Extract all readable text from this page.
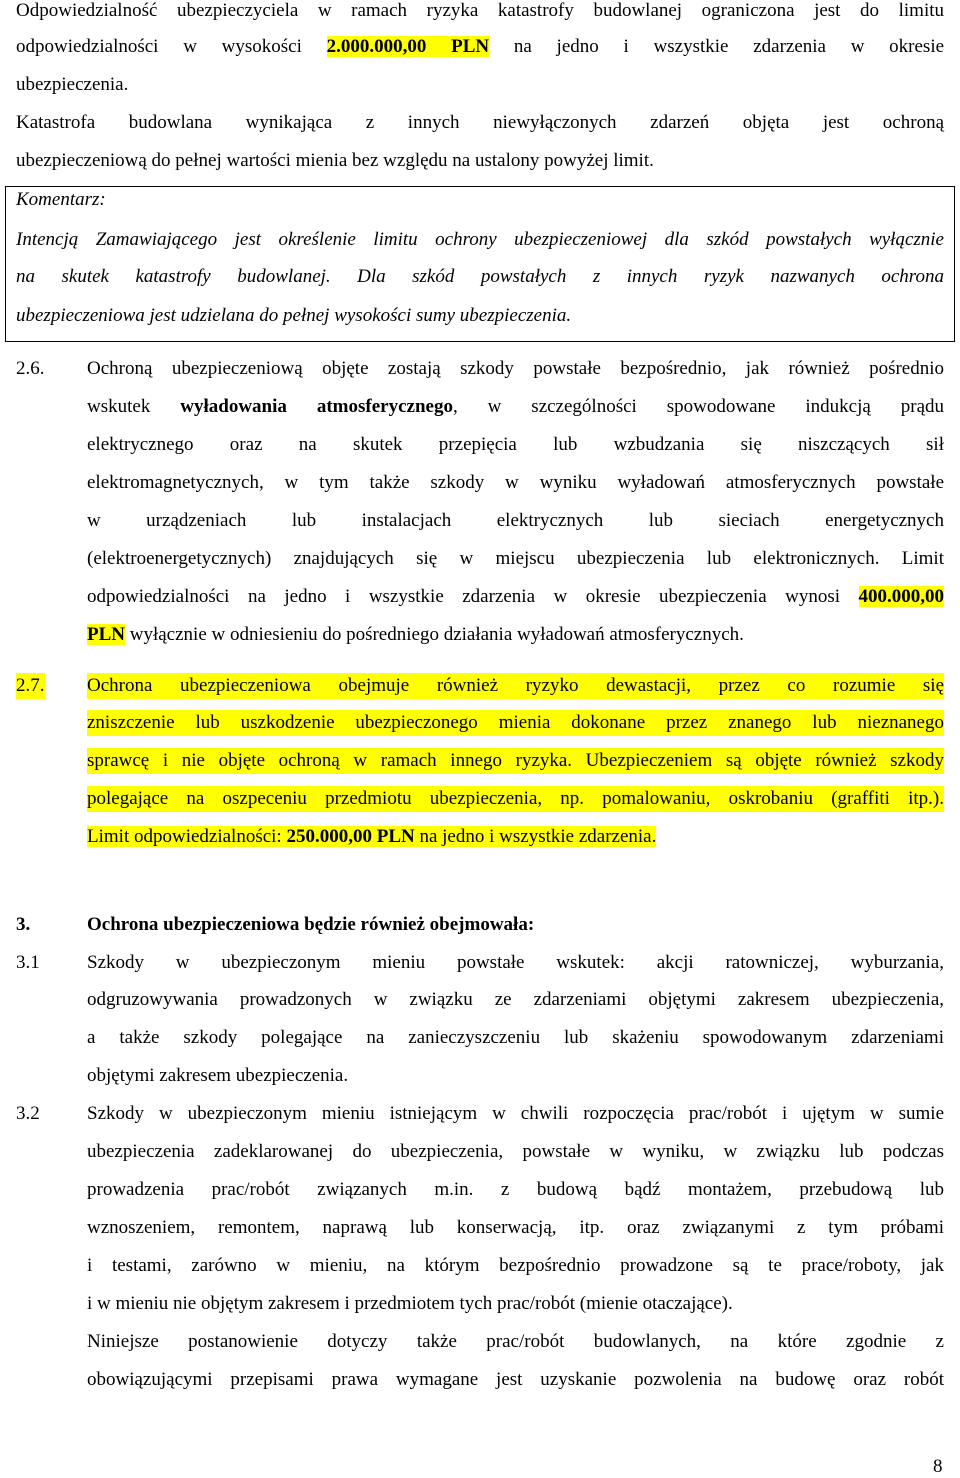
Odpowiedzialność ubezpieczyciela w ramach ryzyka katastrofy budowlanej ograniczona jest do limitu
odpowiedzialności w wysokości 2.000.000,00 PLN na jedno i wszystkie zdarzenia w okresie
ubezpieczenia.
Katastrofa budowlana wynikająca z innych niewyłączonych zdarzeń objęta jest ochroną
ubezpieczeniową do pełnej wartości mienia bez względu na ustalony powyżej limit.
Komentarz:
Intencją Zamawiającego jest określenie limitu ochrony ubezpieczeniowej dla szkód powstałych wyłącznie
na skutek katastrofy budowlanej. Dla szkód powstałych z innych ryzyk nazwanych ochrona
ubezpieczeniowa jest udzielana do pełnej wysokości sumy ubezpieczenia.
2.6. Ochroną ubezpieczeniową objęte zostają szkody powstałe bezpośrednio, jak również pośrednio
wskutek wyładowania atmosferycznego, w szczególności spowodowane indukcją prądu
elektrycznego oraz na skutek przepięcia lub wzbudzania się niszczących sił
elektromagnetycznych, w tym także szkody w wyniku wyładowań atmosferycznych powstałe
w urządzeniach lub instalacjach elektrycznych lub sieciach energetycznych
(elektroenergetycznych) znajdujących się w miejscu ubezpieczenia lub elektronicznych. Limit
odpowiedzialności na jedno i wszystkie zdarzenia w okresie ubezpieczenia wynosi 400.000,00
PLN wyłącznie w odniesieniu do pośredniego działania wyładowań atmosferycznych.
2.7. Ochrona ubezpieczeniowa obejmuje również ryzyko dewastacji, przez co rozumie się
zniszczenie lub uszkodzenie ubezpieczonego mienia dokonane przez znanego lub nieznanego
sprawcę i nie objęte ochroną w ramach innego ryzyka. Ubezpieczeniem są objęte również szkody
polegające na oszpeceniu przedmiotu ubezpieczenia, np. pomalowaniu, oskrobaniu (graffiti itp.).
Limit odpowiedzialności: 250.000,00 PLN na jedno i wszystkie zdarzenia.
3.	Ochrona ubezpieczeniowa będzie również obejmowała:
3.1 Szkody w ubezpieczonym mieniu powstałe wskutek: akcji ratowniczej, wyburzania,
odgruzowywania prowadzonych w związku ze zdarzeniami objętymi zakresem ubezpieczenia,
a także szkody polegające na zanieczyszczeniu lub skażeniu spowodowanym zdarzeniami
objętymi zakresem ubezpieczenia.
3.2 Szkody w ubezpieczonym mieniu istniejącym w chwili rozpoczęcia prac/robót i ujętym w sumie
ubezpieczenia zadeklarowanej do ubezpieczenia, powstałe w wyniku, w związku lub podczas
prowadzenia prac/robót związanych m.in. z budową bądź montażem, przebudową lub
wznoszeniem, remontem, naprawą lub konserwacją, itp. oraz związanymi z tym próbami
i testami, zarówno w mieniu, na którym bezpośrednio prowadzone są te prace/roboty, jak
i w mieniu nie objętym zakresem i przedmiotem tych prac/robót (mienie otaczające).
Niniejsze postanowienie dotyczy także prac/robót budowlanych, na które zgodnie z
obowiązującymi przepisami prawa wymagane jest uzyskanie pozwolenia na budowę oraz robót
8
